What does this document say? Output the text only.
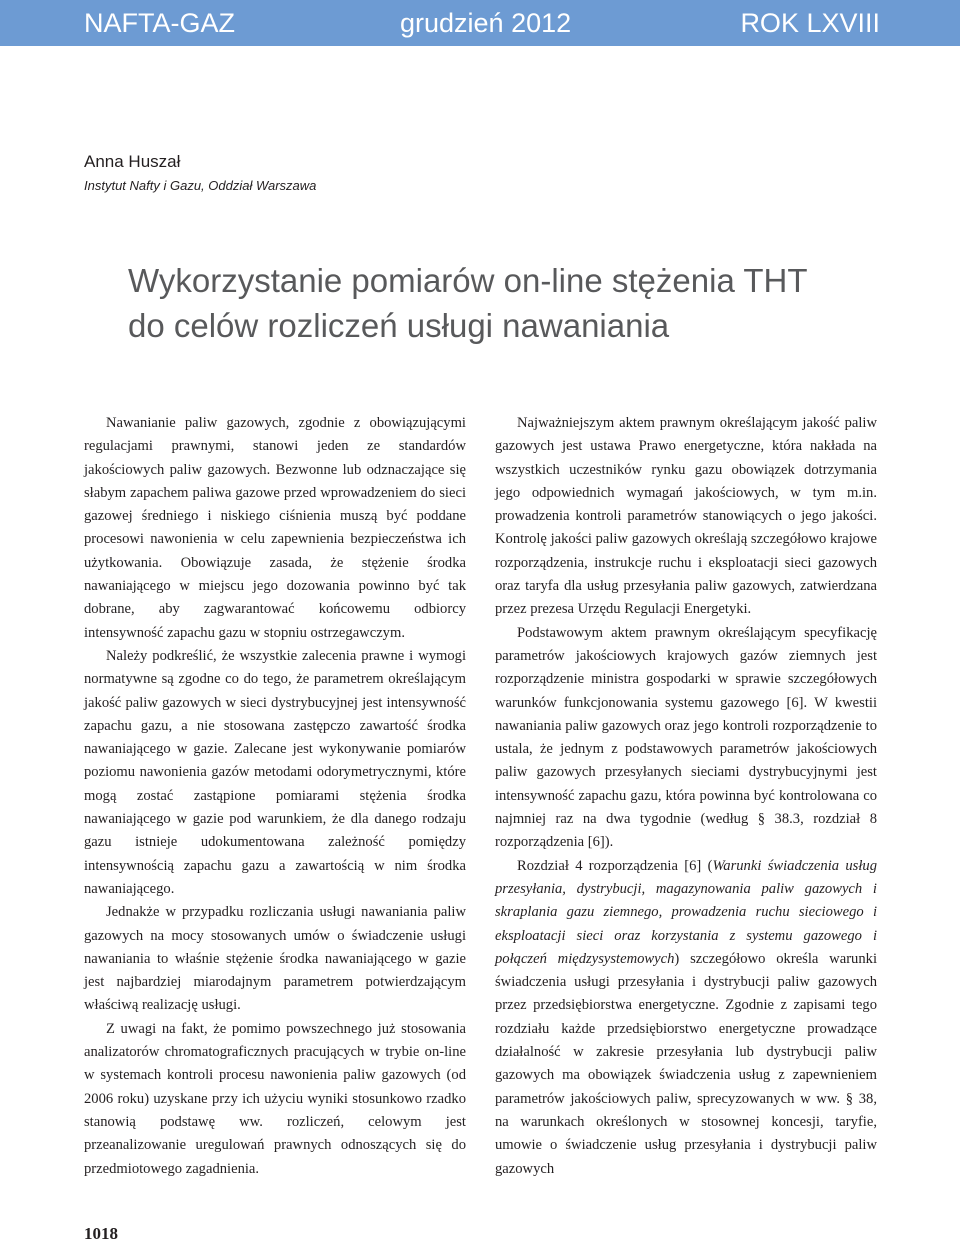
NAFTA-GAZ	grudzień 2012	ROK LXVIII
Anna Huszał
Instytut Nafty i Gazu, Oddział Warszawa
Wykorzystanie pomiarów on-line stężenia THT
do celów rozliczeń usługi nawaniania

Nawanianie paliw gazowych, zgodnie z obowiązującymi regulacjami prawnymi, stanowi jeden ze standardów jakościowych paliw gazowych. Bezwonne lub odznaczające się słabym zapachem paliwa gazowe przed wprowadzeniem do sieci gazowej średniego i niskiego ciśnienia muszą być poddane procesowi nawonienia w celu zapewnienia bezpieczeństwa ich użytkowania. Obowiązuje zasada, że stężenie środka nawaniającego w miejscu jego dozowania powinno być tak dobrane, aby zagwarantować końcowemu odbiorcy intensywność zapachu gazu w stopniu ostrzegawczym.

Należy podkreślić, że wszystkie zalecenia prawne i wymogi normatywne są zgodne co do tego, że parametrem określającym jakość paliw gazowych w sieci dystrybucyjnej jest intensywność zapachu gazu, a nie stosowana zastępczo zawartość środka nawaniającego w gazie. Zalecane jest wykonywanie pomiarów poziomu nawonienia gazów metodami odorymetrycznymi, które mogą zostać zastąpione pomiarami stężenia środka nawaniającego w gazie pod warunkiem, że dla danego rodzaju gazu istnieje udokumentowana zależność pomiędzy intensywnością zapachu gazu a zawartością w nim środka nawaniającego.

Jednakże w przypadku rozliczania usługi nawaniania paliw gazowych na mocy stosowanych umów o świadczenie usługi nawaniania to właśnie stężenie środka nawaniającego w gazie jest najbardziej miarodajnym parametrem potwierdzającym właściwą realizację usługi.

Z uwagi na fakt, że pomimo powszechnego już stosowania analizatorów chromatograficznych pracujących w trybie on-line w systemach kontroli procesu nawonienia paliw gazowych (od 2006 roku) uzyskane przy ich użyciu wyniki stosunkowo rzadko stanowią podstawę ww. rozliczeń, celowym jest przeanalizowanie uregulowań prawnych odnoszących się do przedmiotowego zagadnienia.

Najważniejszym aktem prawnym określającym jakość paliw gazowych jest ustawa Prawo energetyczne, która nakłada na wszystkich uczestników rynku gazu obowiązek dotrzymania jego odpowiednich wymagań jakościowych, w tym m.in. prowadzenia kontroli parametrów stanowiących o jego jakości. Kontrolę jakości paliw gazowych określają szczegółowo krajowe rozporządzenia, instrukcje ruchu i eksploatacji sieci gazowych oraz taryfa dla usług przesyłania paliw gazowych, zatwierdzana przez prezesa Urzędu Regulacji Energetyki.

Podstawowym aktem prawnym określającym specyfikację parametrów jakościowych krajowych gazów ziemnych jest rozporządzenie ministra gospodarki w sprawie szczegółowych warunków funkcjonowania systemu gazowego [6]. W kwestii nawaniania paliw gazowych oraz jego kontroli rozporządzenie to ustala, że jednym z podstawowych parametrów jakościowych paliw gazowych przesyłanych sieciami dystrybucyjnymi jest intensywność zapachu gazu, która powinna być kontrolowana co najmniej raz na dwa tygodnie (według § 38.3, rozdział 8 rozporządzenia [6]).

Rozdział 4 rozporządzenia [6] (Warunki świadczenia usług przesyłania, dystrybucji, magazynowania paliw gazowych i skraplania gazu ziemnego, prowadzenia ruchu sieciowego i eksploatacji sieci oraz korzystania z systemu gazowego i połączeń międzysystemowych) szczegółowo określa warunki świadczenia usługi przesyłania i dystrybucji paliw gazowych przez przedsiębiorstwa energetyczne. Zgodnie z zapisami tego rozdziału każde przedsiębiorstwo energetyczne prowadzące działalność w zakresie przesyłania lub dystrybucji paliw gazowych ma obowiązek świadczenia usług z zapewnieniem parametrów jakościowych paliw, sprecyzowanych w ww. § 38, na warunkach określonych w stosownej koncesji, taryfie, umowie o świadczenie usług przesyłania i dystrybucji paliw gazowych

1018
